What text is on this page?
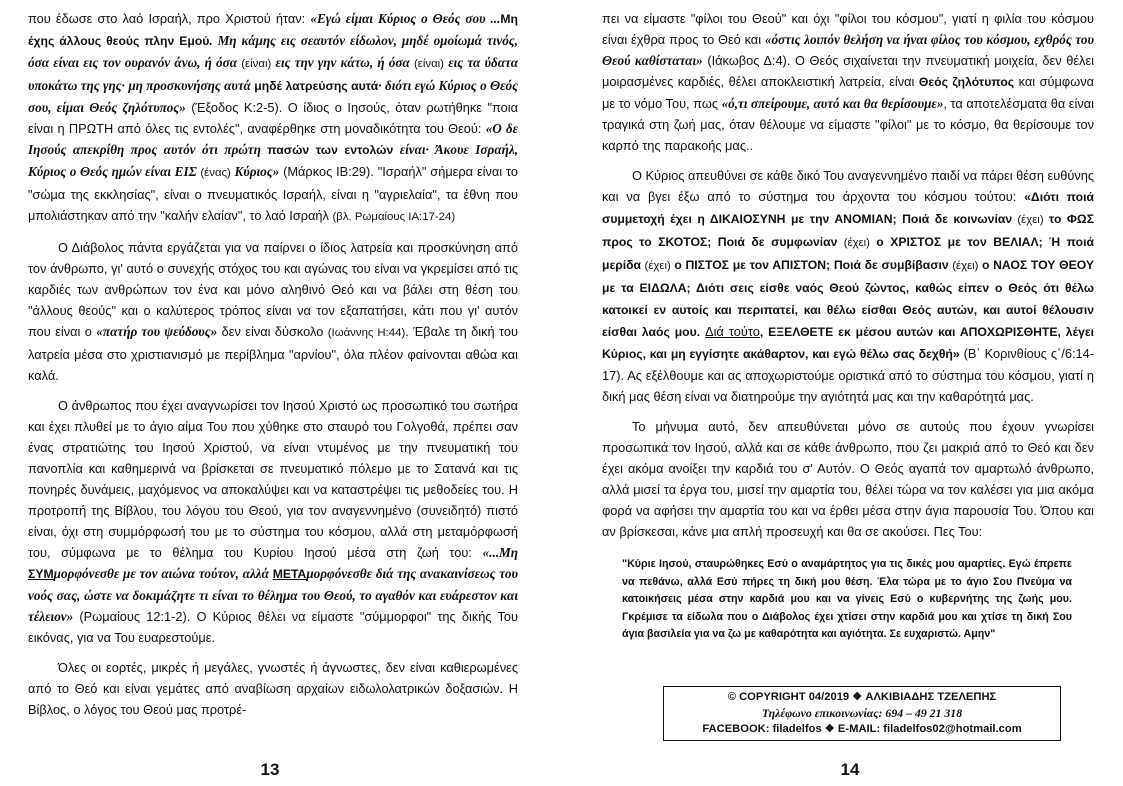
που έδωσε στο λαό Ισραήλ, προ Χριστού ήταν: «Εγώ είμαι Κύριος ο Θεός σου ...Μη έχης άλλους θεούς πλην Εμού. Μη κάμης εις σεαυτόν είδωλον, μηδέ ομοίωμά τινός, όσα είναι εις τον ουρανόν άνω, ή όσα (είναι) εις την γην κάτω, ή όσα (είναι) εις τα ύδατα υποκάτω της γης· μη προσκυνήσης αυτά μηδέ λατρεύσης αυτά· διότι εγώ Κύριος ο Θεός σου, είμαι Θεός ζηλότυπος» (Έξοδος Κ:2-5). Ο ίδιος ο Ιησούς, όταν ρωτήθηκε "ποια είναι η ΠΡΩΤΗ από όλες τις εντολές", αναφέρθηκε στη μοναδικότητα του Θεού: «Ο δε Ιησούς απεκρίθη προς αυτόν ότι πρώτη πασών των εντολών είναι· Άκουε Ισραήλ, Κύριος ο Θεός ημών είναι ΕΙΣ (ένας) Κύριος» (Μάρκος ΙΒ:29). "Ισραήλ" σήμερα είναι το "σώμα της εκκλησίας", είναι ο πνευματικός Ισραήλ, είναι η "αγριελαία", τα έθνη που μπολιάστηκαν από την "καλήν ελαίαν", το λαό Ισραήλ (βλ. Ρωμαίους ΙΑ:17-24)

Ο Διάβολος πάντα εργάζεται για να παίρνει ο ίδιος λατρεία και προσκύνηση από τον άνθρωπο, γι' αυτό ο συνεχής στόχος του και αγώνας του είναι να γκρεμίσει από τις καρδιές των ανθρώπων τον ένα και μόνο αληθινό Θεό και να βάλει στη θέση του "άλλους θεούς" και ο καλύτερος τρόπος είναι να τον εξαπατήσει, κάτι που γι' αυτόν που είναι ο «πατήρ του ψεύδους» δεν είναι δύσκολο (Ιωάννης Η:44). Έβαλε τη δική του λατρεία μέσα στο χριστιανισμό με περίβλημα "αρνίου", όλα πλέον φαίνονται αθώα και καλά.

Ο άνθρωπος που έχει αναγνωρίσει τον Ιησού Χριστό ως προσωπικό του σωτήρα και έχει πλυθεί με το άγιο αίμα Του που χύθηκε στο σταυρό του Γολγοθά, πρέπει σαν ένας στρατιώτης του Ιησού Χριστού, να είναι ντυμένος με την πνευματική του πανοπλία και καθημερινά να βρίσκεται σε πνευματικό πόλεμο με το Σατανά και τις πονηρές δυνάμεις, μαχόμενος να αποκαλύψει και να καταστρέψει τις μεθοδείες του. Η προτροπή της Βίβλου, του λόγου του Θεού, για τον αναγεννημένο (συνειδητό) πιστό είναι, όχι στη συμμόρφωσή του με το σύστημα του κόσμου, αλλά στη μεταμόρφωσή του, σύμφωνα με το θέλημα του Κυρίου Ιησού μέσα στη ζωή του: «...Μη ΣΥΜμορφόνεσθε με τον αιώνα τούτον, αλλά ΜΕΤΑμορφόνεσθε διά της ανακαινίσεως του νοός σας, ώστε να δοκιμάζητε τι είναι το θέλημα του Θεού, το αγαθόν και ευάρεστον και τέλειον» (Ρωμαίους 12:1-2). Ο Κύριος θέλει να είμαστε "σύμμορφοι" της δικής Του εικόνας, για να Του ευαρεστούμε.

Όλες οι εορτές, μικρές ή μεγάλες, γνωστές ή άγνωστες, δεν είναι καθιερωμένες από το Θεό και είναι γεμάτες από αναβίωση αρχαίων ειδωλολατρικών δοξασιών. Η Βίβλος, ο λόγος του Θεού μας προτρέ-

πει να είμαστε "φίλοι του Θεού" και όχι "φίλοι του κόσμου", γιατί η φιλία του κόσμου είναι έχθρα προς το Θεό και «όστις λοιπόν θελήση να ήναι φίλος του κόσμου, εχθρός του Θεού καθίσταται» (Ιάκωβος Δ:4). Ο Θεός σιχαίνεται την πνευματική μοιχεία, δεν θέλει μοιρασμένες καρδιές, θέλει αποκλειστική λατρεία, είναι Θεός ζηλότυπος και σύμφωνα με το νόμο Του, πως «ό,τι σπείρουμε, αυτό και θα θερίσουμε», τα αποτελέσματα θα είναι τραγικά στη ζωή μας, όταν θέλουμε να είμαστε "φίλοι" με το κόσμο, θα θερίσουμε τον καρπό της παρακοής μας..

Ο Κύριος απευθύνει σε κάθε δικό Του αναγεννημένο παιδί να πάρει θέση ευθύνης και να βγει έξω από το σύστημα του άρχοντα του κόσμου τούτου: «Διότι ποιά συμμετοχή έχει η ΔΙΚΑΙΟΣΥΝΗ με την ΑΝΟΜΙΑΝ; Ποιά δε κοινωνίαν (έχει) το ΦΩΣ προς το ΣΚΟΤΟΣ; Ποιά δε συμφωνίαν (έχει) ο ΧΡΙΣΤΟΣ με τον ΒΕΛΙΑΛ; Ή ποιά μερίδα (έχει) ο ΠΙΣΤΟΣ με τον ΑΠΙΣΤΟΝ; Ποιά δε συμβίβασιν (έχει) ο ΝΑΟΣ ΤΟΥ ΘΕΟΥ με τα ΕΙΔΩΛΑ; Διότι σεις είσθε ναός Θεού ζώντος, καθώς είπεν ο Θεός ότι θέλω κατοικεί εν αυτοίς και περιπατεί, και θέλω είσθαι Θεός αυτών, και αυτοί θέλουσιν είσθαι λαός μου. Διά τούτο, ΕΞΕΛΘΕΤΕ εκ μέσου αυτών και ΑΠΟΧΩΡΙΣΘΗΤΕ, λέγει Κύριος, και μη εγγίσητε ακάθαρτον, και εγώ θέλω σας δεχθή» (Β΄ Κορινθίους ς΄/6:14-17). Ας εξέλθουμε και ας αποχωριστούμε οριστικά από το σύστημα του κόσμου, γιατί η δική μας θέση είναι να διατηρούμε την αγιότητά μας και την καθαρότητά μας.

Το μήνυμα αυτό, δεν απευθύνεται μόνο σε αυτούς που έχουν γνωρίσει προσωπικά τον Ιησού, αλλά και σε κάθε άνθρωπο, που ζει μακριά από το Θεό και δεν έχει ακόμα ανοίξει την καρδιά του σ' Αυτόν. Ο Θεός αγαπά τον αμαρτωλό άνθρωπο, αλλά μισεί τα έργα του, μισεί την αμαρτία του, θέλει τώρα να τον καλέσει για μια ακόμα φορά να αφήσει την αμαρτία του και να έρθει μέσα στην άγια παρουσία Του. Όπου και αν βρίσκεσαι, κάνε μια απλή προσευχή και θα σε ακούσει. Πες Του:

"Κύριε Ιησού, σταυρώθηκες Εσύ ο αναμάρτητος για τις δικές μου αμαρτίες. Εγώ έπρεπε να πεθάνω, αλλά Εσύ πήρες τη δική μου θέση. Έλα τώρα με το άγιο Σου Πνεύμα να κατοικήσεις μέσα στην καρδιά μου και να γίνεις Εσύ ο κυβερνήτης της ζωής μου. Γκρέμισε τα είδωλα που ο Διάβολος έχει χτίσει στην καρδιά μου και χτίσε τη δική Σου άγια βασιλεία για να ζω με καθαρότητα και αγιότητα. Σε ευχαριστώ. Αμην"

© COPYRIGHT 04/2019 ❖ ΑΛΚΙΒΙΑΔΗΣ ΤΖΕΛΕΠΗΣ
Τηλέφωνο επικοινωνίας: 694 – 49 21 318
FACEBOOK: filadelfos ❖ E-MAIL: filadelfos02@hotmail.com
13	14
